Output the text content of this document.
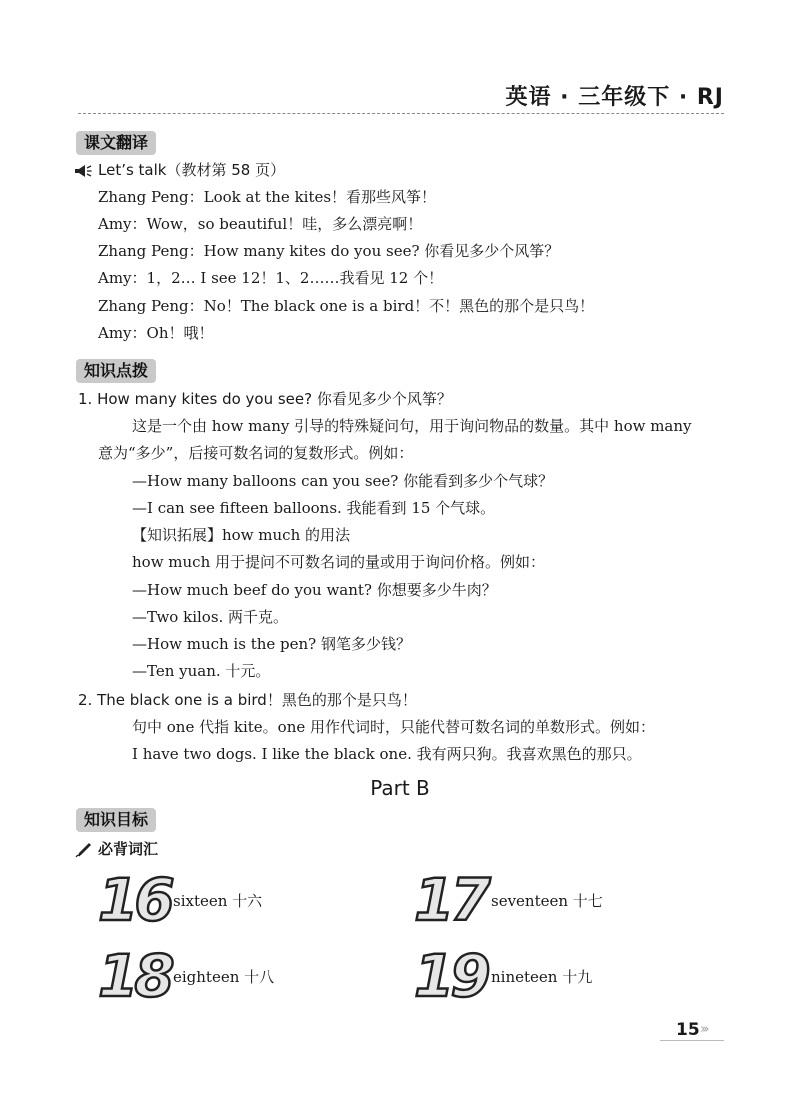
英语 · 三年级下 · RJ
课文翻译
Let’s talk（教材第 58 页）
Zhang Peng：Look at the kites！看那些风筝！
Amy：Wow，so beautiful！哇，多么漂亮啊！
Zhang Peng：How many kites do you see? 你看见多少个风筝？
Amy：1，2… I see 12！1、2……我看见 12 个！
Zhang Peng：No！The black one is a bird！不！黑色的那个是只鸟！
Amy：Oh！哦！
知识点拨
1. How many kites do you see? 你看见多少个风筝？
这是一个由 how many 引导的特殊疑问句，用于询问物品的数量。其中 how many
意为“多少”，后接可数名词的复数形式。例如：
—How many balloons can you see? 你能看到多少个气球？
—I can see fifteen balloons. 我能看到 15 个气球。
【知识拓展】how much 的用法
how much 用于提问不可数名词的量或用于询问价格。例如：
—How much beef do you want? 你想要多少牛肉？
—Two kilos. 两千克。
—How much is the pen? 钢笔多少钱？
—Ten yuan. 十元。
2. The black one is a bird！黑色的那个是只鸟！
句中 one 代指 kite。one 用作代词时，只能代替可数名词的单数形式。例如：
I have two dogs. I like the black one. 我有两只狗。我喜欢黑色的那只。
Part B
知识目标
必背词汇
16 sixteen 十六	17 seventeen 十七
18 eighteen 十八 19 nineteen 十九
15 ›››
